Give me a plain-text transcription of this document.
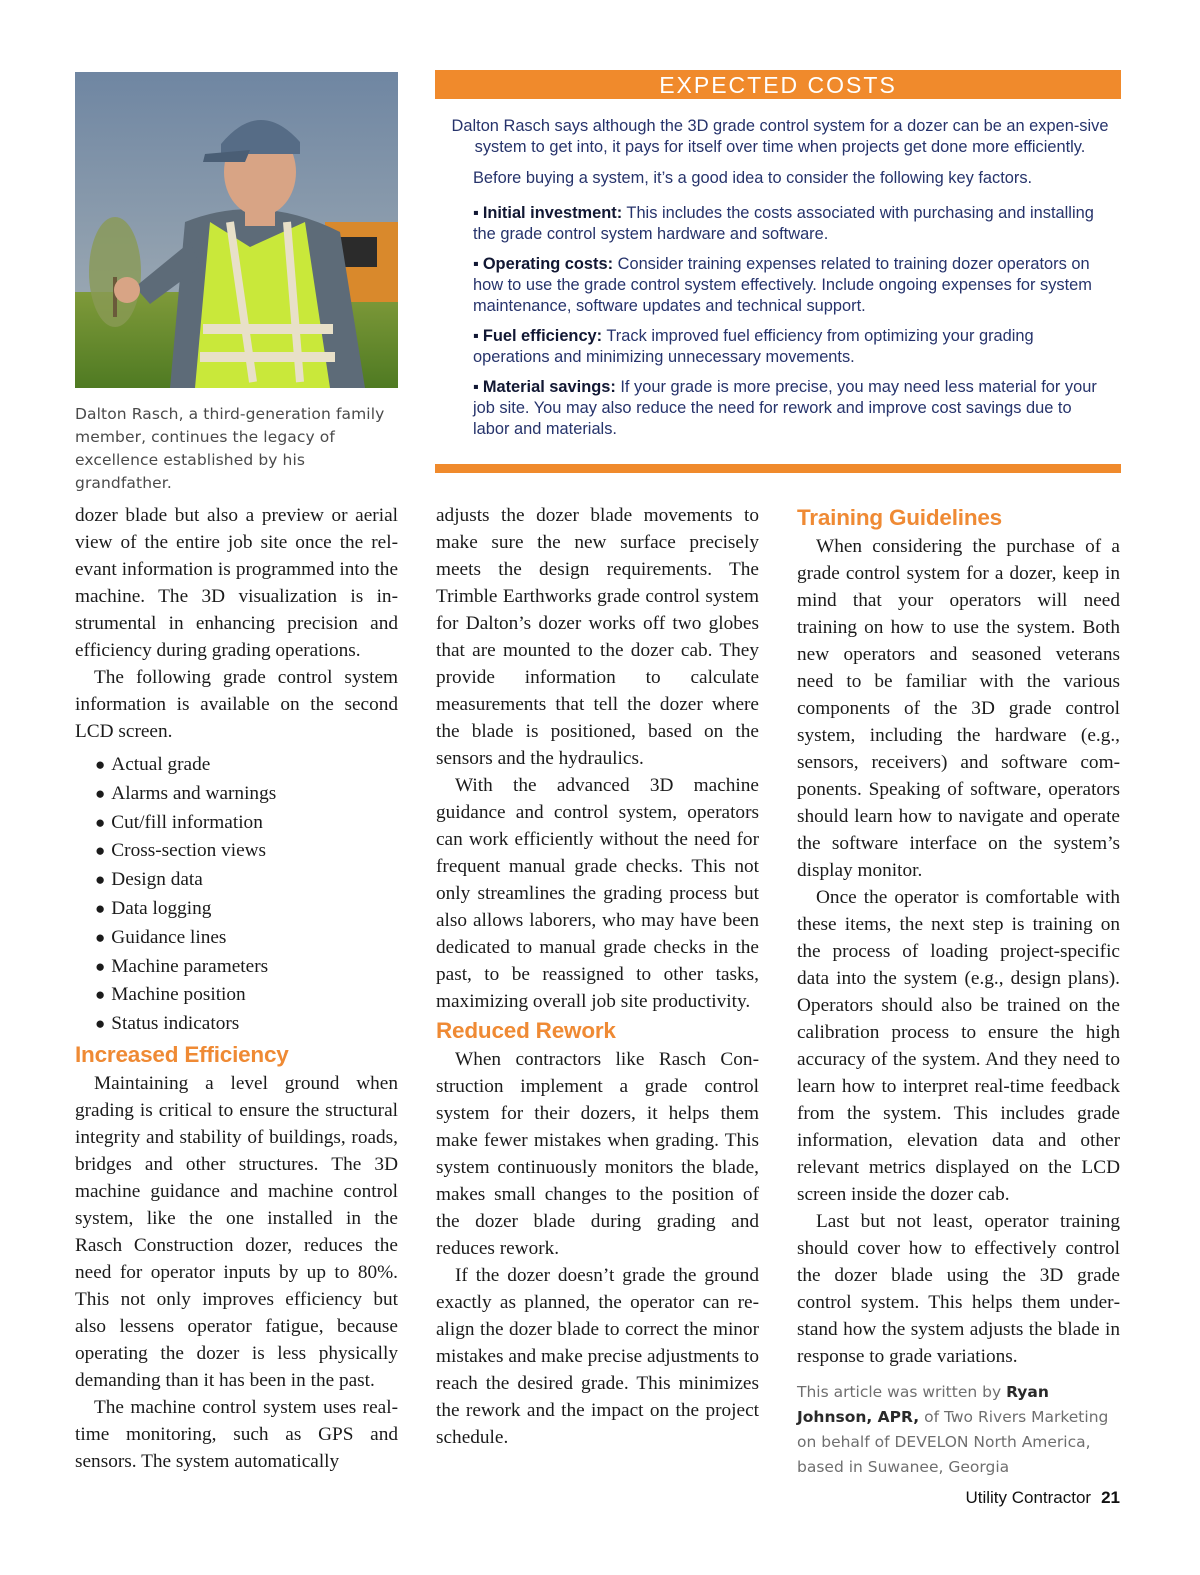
Dalton Rasch, a third-generation family member, continues the legacy of excellence established by his grandfather.
EXPECTED COSTS

Dalton Rasch says although the 3D grade control system for a dozer can be an expen-sive system to get into, it pays for itself over time when projects get done more efficiently.

Before buying a system, it’s a good idea to consider the following key factors.

▪ Initial investment: This includes the costs associated with purchasing and installing the grade control system hardware and software.
▪ Operating costs: Consider training expenses related to training dozer operators on how to use the grade control system effectively. Include ongoing expenses for system maintenance, software updates and technical support.
▪ Fuel efficiency: Track improved fuel efficiency from optimizing your grading operations and minimizing unnecessary movements.
▪ Material savings: If your grade is more precise, you may need less material for your job site. You may also reduce the need for rework and improve cost savings due to labor and materials.

dozer blade but also a preview or aerial view of the entire job site once the relevant information is programmed into the machine. The 3D visualization is instrumental in enhancing precision and efficiency during grading operations.

The following grade control system information is available on the second LCD screen.

● Actual grade
● Alarms and warnings
● Cut/fill information
● Cross-section views
● Design data
● Data logging
● Guidance lines
● Machine parameters
● Machine position
● Status indicators
Increased Efficiency

Maintaining a level ground when grading is critical to ensure the structural integrity and stability of buildings, roads, bridges and other structures. The 3D machine guidance and machine control system, like the one installed in the Rasch Construction dozer, reduces the need for operator inputs by up to 80%. This not only improves efficiency but also lessens operator fatigue, because operating the dozer is less physically demanding than it has been in the past.

The machine control system uses real-time monitoring, such as GPS and sensors. The system automatically

adjusts the dozer blade movements to make sure the new surface precisely meets the design requirements. The Trimble Earthworks grade control system for Dalton’s dozer works off two globes that are mounted to the dozer cab. They provide information to calculate measurements that tell the dozer where the blade is positioned, based on the sensors and the hydraulics.

With the advanced 3D machine guidance and control system, operators can work efficiently without the need for frequent manual grade checks. This not only streamlines the grading process but also allows laborers, who may have been dedicated to manual grade checks in the past, to be reassigned to other tasks, maximizing overall job site productivity.

Reduced Rework

When contractors like Rasch Construction implement a grade control system for their dozers, it helps them make fewer mistakes when grading. This system continuously monitors the blade, makes small changes to the position of the dozer blade during grading and reduces rework.

If the dozer doesn’t grade the ground exactly as planned, the operator can realign the dozer blade to correct the minor mistakes and make precise adjustments to reach the desired grade. This minimizes the rework and the impact on the project schedule.

Training Guidelines

When considering the purchase of a grade control system for a dozer, keep in mind that your operators will need training on how to use the system. Both new operators and seasoned veterans need to be familiar with the various components of the 3D grade control system, including the hardware (e.g., sensors, receivers) and software components. Speaking of software, operators should learn how to navigate and operate the software interface on the system’s display monitor.

Once the operator is comfortable with these items, the next step is training on the process of loading project-specific data into the system (e.g., design plans). Operators should also be trained on the calibration process to ensure the high accuracy of the system. And they need to learn how to interpret real-time feedback from the system. This includes grade information, elevation data and other relevant metrics displayed on the LCD screen inside the dozer cab.

Last but not least, operator training should cover how to effectively control the dozer blade using the 3D grade control system. This helps them understand how the system adjusts the blade in response to grade variations.

This article was written by Ryan Johnson, APR, of Two Rivers Marketing on behalf of DEVELON North America, based in Suwanee, Georgia
Utility Contractor 21
